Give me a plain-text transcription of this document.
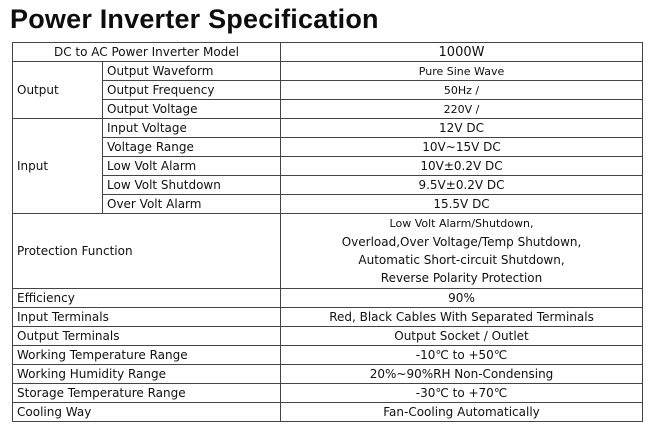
Power Inverter Specification
DC to AC Power Inverter Model		1000W
Output	Output Waveform	Pure Sine Wave
	Output Frequency	50Hz /
	Output Voltage	220V /
Input	Input Voltage	12V DC
	Voltage Range	10V~15V DC
	Low Volt Alarm	10V±0.2V DC
	Low Volt Shutdown	9.5V±0.2V DC
	Over Volt Alarm	15.5V DC
Protection Function		Low Volt Alarm/Shutdown,
Overload,Over Voltage/Temp Shutdown,
Automatic Short-circuit Shutdown,
Reverse Polarity Protection

Efficiency		90%
Input Terminals		Red, Black Cables With Separated Terminals
Output Terminals		Output Socket / Outlet
Working Temperature Range		-10℃ to +50℃
Working Humidity Range		20%~90%RH Non-Condensing
Storage Temperature Range		-30℃ to +70℃
Cooling Way		Fan-Cooling Automatically
